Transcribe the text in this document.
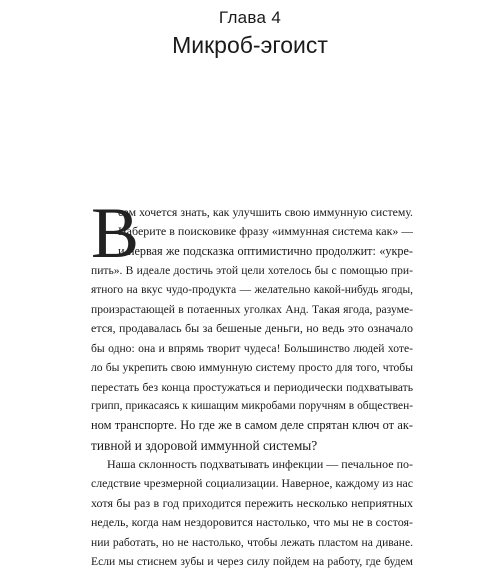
Глава 4
Микроб-эгоист
В
сем хочется знать, как улучшить свою иммунную систему.
Наберите в поисковике фразу «иммунная система как» —
и первая же подсказка оптимистично продолжит: «укре-
пить». В идеале достичь этой цели хотелось бы с помощью при-
ятного на вкус чудо-продукта — желательно какой-нибудь ягоды,
произрастающей в потаенных уголках Анд. Такая ягода, разуме-
ется, продавалась бы за бешеные деньги, но ведь это означало
бы одно: она и впрямь творит чудеса! Большинство людей хоте-
ло бы укрепить свою иммунную систему просто для того, чтобы
перестать без конца простужаться и периодически подхватывать
грипп, прикасаясь к кишащим микробами поручням в обществен-
ном транспорте. Но где же в самом деле спрятан ключ от ак-
тивной и здоровой иммунной системы?
Наша склонность подхватывать инфекции — печальное по-
следствие чрезмерной социализации. Наверное, каждому из нас
хотя бы раз в год приходится пережить несколько неприятных
недель, когда нам нездоровится настолько, что мы не в состоя-
нии работать, но не настолько, чтобы лежать пластом на диване.
Если мы стиснем зубы и через силу пойдем на работу, где будем
